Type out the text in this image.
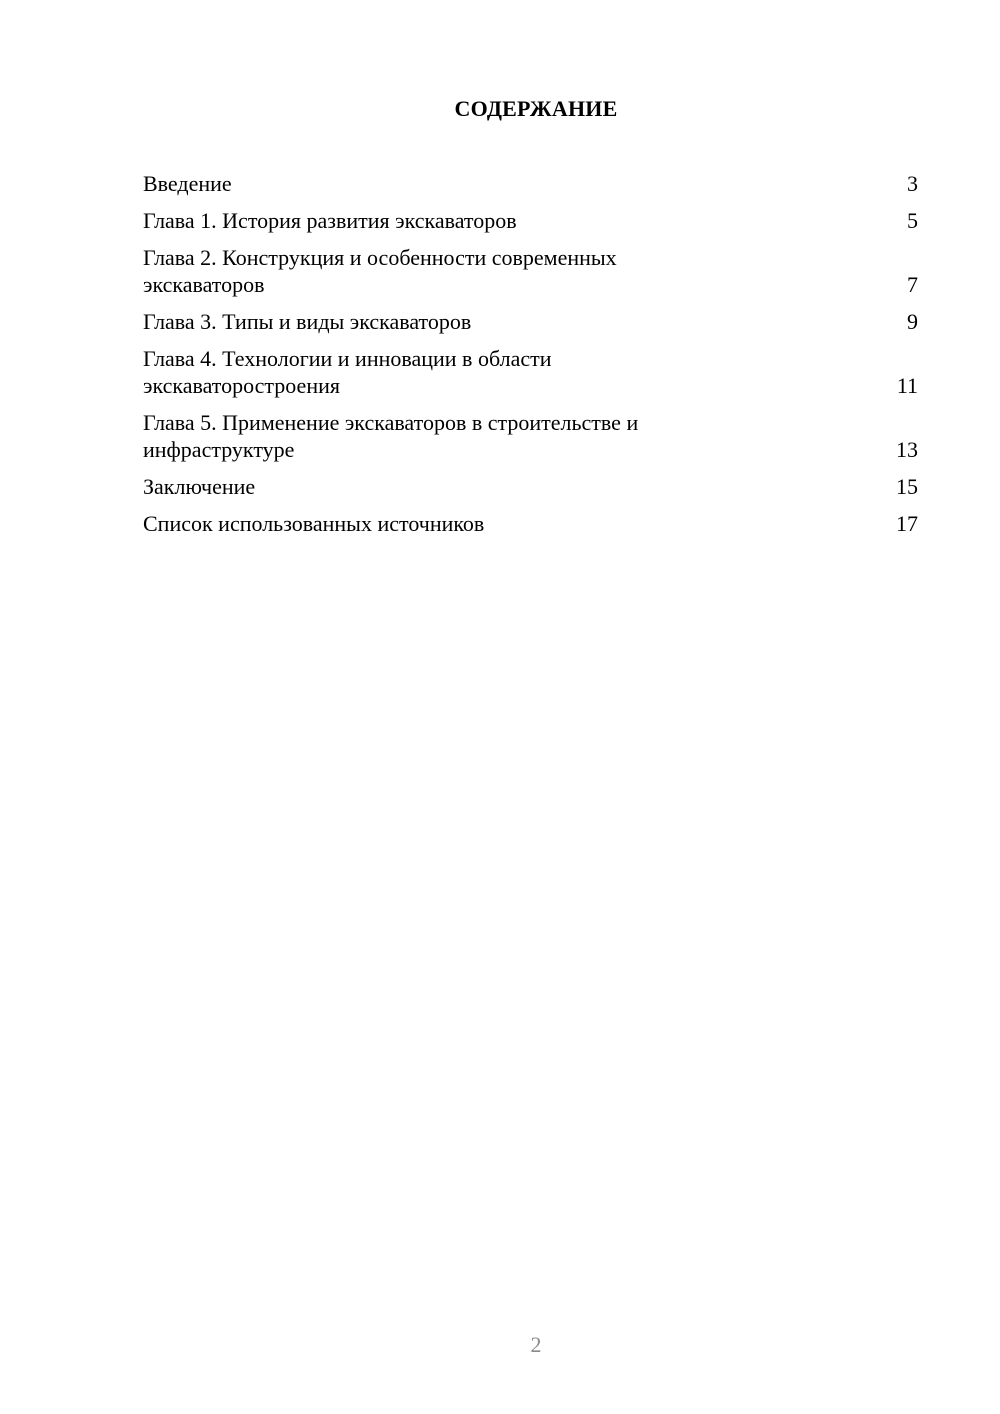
СОДЕРЖАНИЕ
Введение	3
Глава 1. История развития экскаваторов	5
Глава 2. Конструкция и особенности современных экскаваторов	7
Глава 3. Типы и виды экскаваторов	9
Глава 4. Технологии и инновации в области экскаваторостроения	11
Глава 5. Применение экскаваторов в строительстве и инфраструктуре	13
Заключение	15
Список использованных источников	17
2
